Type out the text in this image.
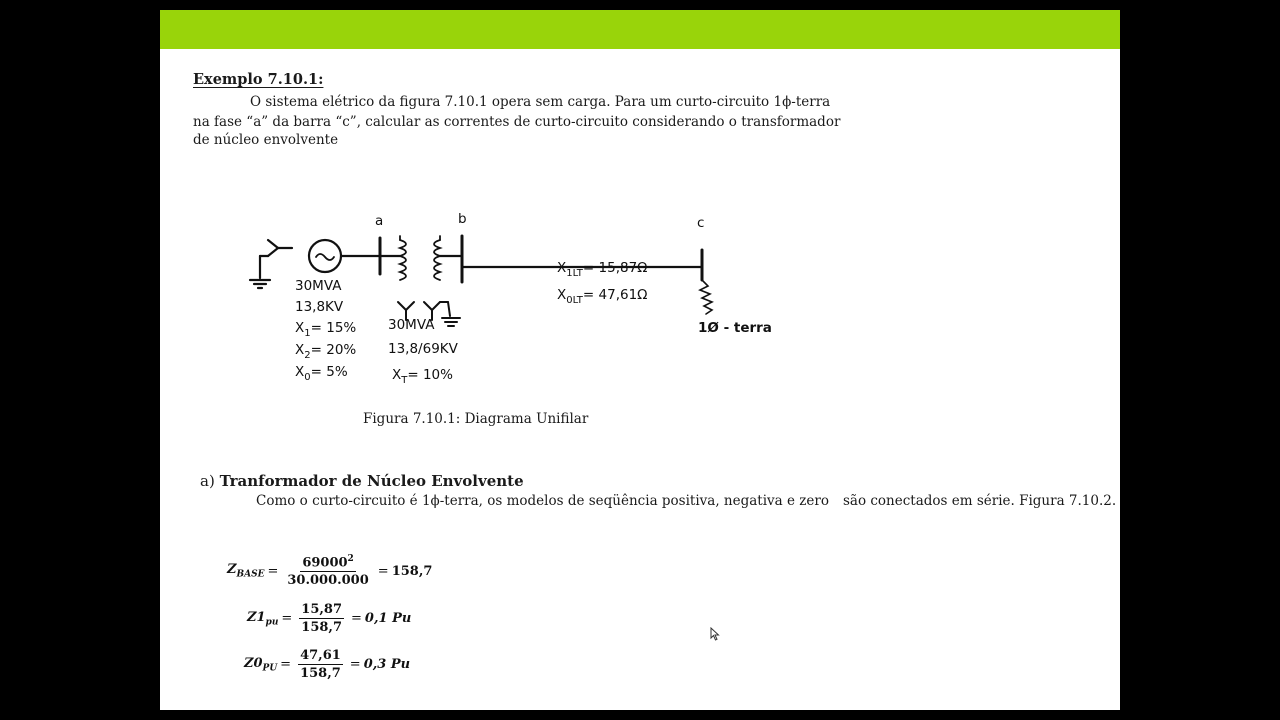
Exemplo 7.10.1:
O sistema elétrico da figura 7.10.1 opera sem carga. Para um curto-circuito 1ϕ-terra
na fase “a” da barra “c”, calcular as correntes de curto-circuito considerando o transformador
de núcleo envolvente
a	b	c
30MVA
13,8KV
$X_1= 15\%$
$X_2= 20\%$
$X_0= 5\%$
30MVA
13,8/69KV
$X_T= 10\%$
$X_{1LT}= 15,87\Omega$
$X_{0LT}= 47,61\Omega$
1Ø - terra
Figura 7.10.1: Diagrama Unifilar
a) Tranformador de Núcleo Envolvente
Como o curto-circuito é 1ϕ-terra, os modelos de seqüência positiva, negativa e zero são conectados em série. Figura 7.10.2.
$Z_{BASE} = \frac{69000^2}{30.000.000} = 158,7$
$Z1_{pu} = \frac{15,87}{158,7} = 0,1$ Pu
$Z0_{PU} = \frac{47,61}{158,7} = 0,3$ Pu
